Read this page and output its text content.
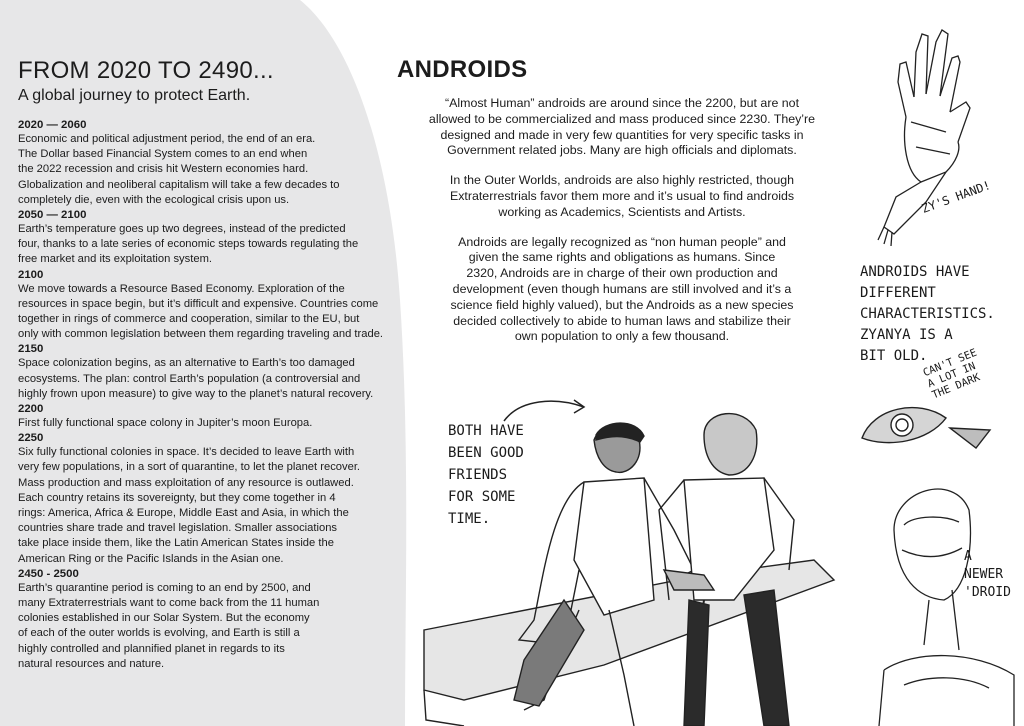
FROM 2020 TO 2490...
A global journey to protect Earth.
2020 — 2060
Economic and political adjustment period, the end of an era.
The Dollar based Financial System comes to an end when
the 2022 recession and crisis hit Western economies hard.
Globalization and neoliberal capitalism will take a few decades to
completely die, even with the ecological crisis upon us.
2050 — 2100
Earth’s temperature goes up two degrees, instead of the predicted
four, thanks to a late series of economic steps towards regulating the
free market and its exploitation system.
2100
We move towards a Resource Based Economy. Exploration of the
resources in space begin, but it’s difficult and expensive. Countries come
together in rings of commerce and cooperation, similar to the EU, but
only with common legislation between them regarding traveling and trade.
2150
Space colonization begins, as an alternative to Earth’s too damaged
ecosystems. The plan: control Earth’s population (a controversial and
highly frown upon measure) to give way to the planet’s natural recovery.
2200
First fully functional space colony in Jupiter’s moon Europa.
2250
Six fully functional colonies in space. It’s decided to leave Earth with
very few populations, in a sort of quarantine, to let the planet recover.
Mass production and mass exploitation of any resource is outlawed.
Each country retains its sovereignty, but they come together in 4
rings: America, Africa & Europe, Middle East and Asia, in which the
countries share trade and travel legislation. Smaller associations
take place inside them, like the Latin American States inside the
American Ring or the Pacific Islands in the Asian one.
2450 - 2500
Earth’s quarantine period is coming to an end by 2500, and
many Extraterrestrials want to come back from the 11 human
colonies established in our Solar System. But the economy
of each of the outer worlds is evolving, and Earth is still a
highly controlled and plannified planet in regards to its
natural resources and nature.
ANDROIDS
“Almost Human” androids are around since the 2200, but are not
allowed to be commercialized and mass produced since 2230. They’re
designed and made in very few quantities for very specific tasks in
Government related jobs. Many are high officials and diplomats.
In the Outer Worlds, androids are also highly restricted, though
Extraterrestrials favor them more and it’s usual to find androids
working as Academics, Scientists and Artists.
Androids are legally recognized as “non human people” and
given the same rights and obligations as humans. Since
2320, Androids are in charge of their own production and
development (even though humans are still involved and it’s a
science field highly valued), but the Androids as a new species
decided collectively to abide to human laws and stabilize their
own population to only a few thousand.
ZY'S HAND!
ANDROIDS HAVE
DIFFERENT
CHARACTERISTICS.
ZYANYA IS A
BIT OLD.
CAN'T SEE
A LOT IN
THE DARK
A
NEWER
'DROID
BOTH HAVE
BEEN GOOD
FRIENDS
FOR SOME
TIME.
